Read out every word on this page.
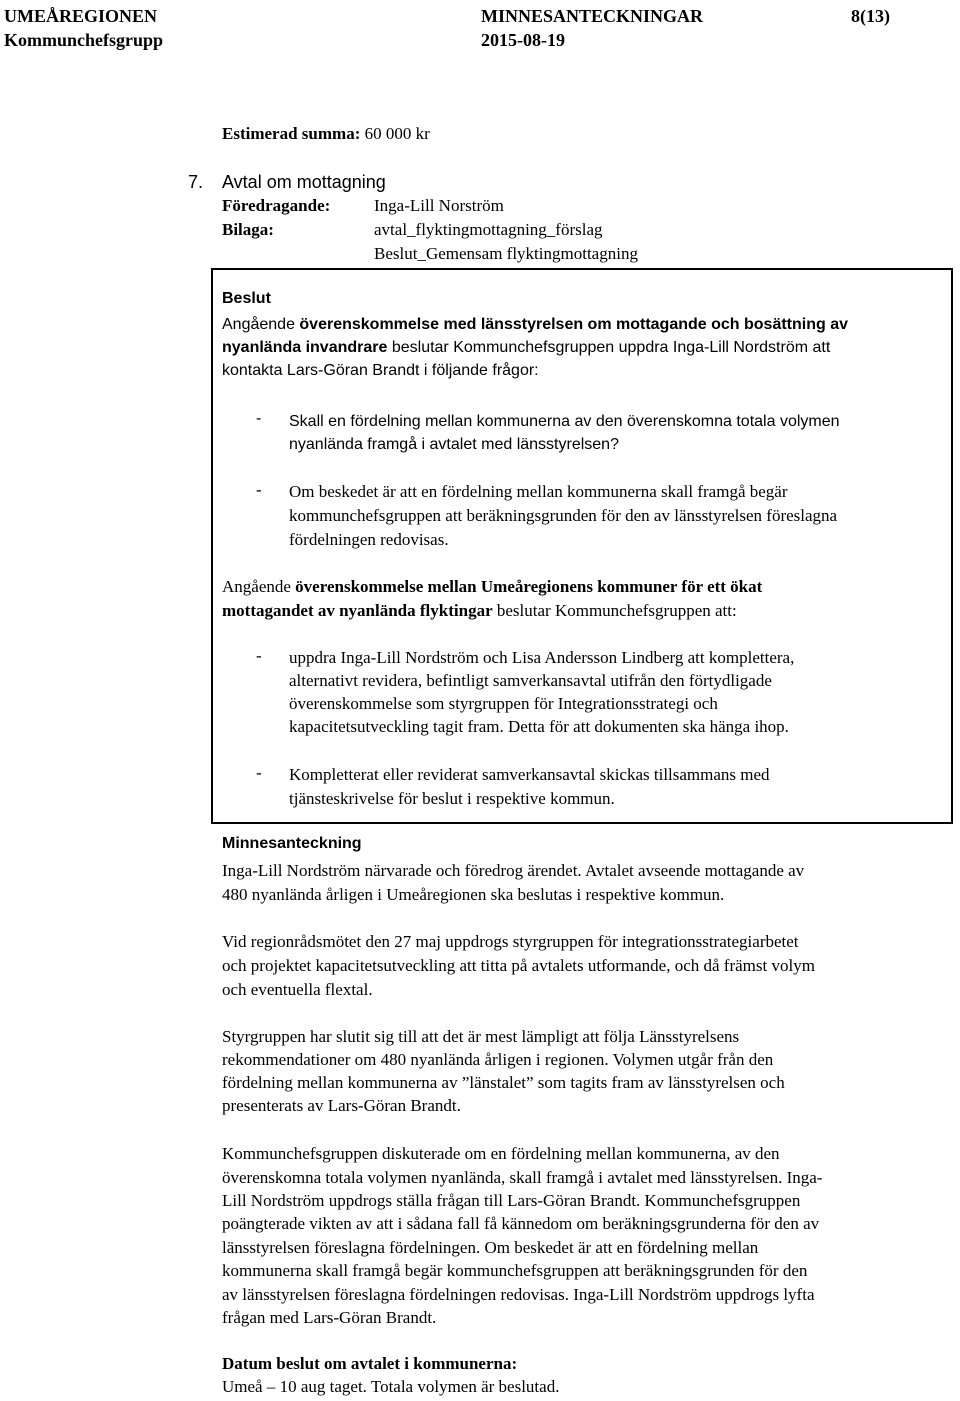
UMEÅREGIONEN	MINNESANTECKNINGAR	8(13)
Kommunchefsgrupp	2015-08-19
Estimerad summa: 60 000 kr
7. Avtal om mottagning
Föredragande:	Inga-Lill Norström
Bilaga:	avtal_flyktingmottagning_förslag
Beslut_Gemensam flyktingmottagning
Beslut
Angående överenskommelse med länsstyrelsen om mottagande och bosättning av
nyanlända invandrare beslutar Kommunchefsgruppen uppdra Inga-Lill Nordström att
kontakta Lars-Göran Brandt i följande frågor:
- Skall en fördelning mellan kommunerna av den överenskomna totala volymen
nyanlända framgå i avtalet med länsstyrelsen?
- Om beskedet är att en fördelning mellan kommunerna skall framgå begär
kommunchefsgruppen att beräkningsgrunden för den av länsstyrelsen föreslagna
fördelningen redovisas.
Angående överenskommelse mellan Umeåregionens kommuner för ett ökat
mottagandet av nyanlända flyktingar beslutar Kommunchefsgruppen att:
- uppdra Inga-Lill Nordström och Lisa Andersson Lindberg att komplettera,
alternativt revidera, befintligt samverkansavtal utifrån den förtydligade
överenskommelse som styrgruppen för Integrationsstrategi och
kapacitetsutveckling tagit fram. Detta för att dokumenten ska hänga ihop.
- Kompletterat eller reviderat samverkansavtal skickas tillsammans med
tjänsteskrivelse för beslut i respektive kommun.
Minnesanteckning
Inga-Lill Nordström närvarade och föredrog ärendet. Avtalet avseende mottagande av
480 nyanlända årligen i Umeåregionen ska beslutas i respektive kommun.
Vid regionrådsmötet den 27 maj uppdrogs styrgruppen för integrationsstrategiarbetet
och projektet kapacitetsutveckling att titta på avtalets utformande, och då främst volym
och eventuella flextal.
Styrgruppen har slutit sig till att det är mest lämpligt att följa Länsstyrelsens
rekommendationer om 480 nyanlända årligen i regionen. Volymen utgår från den
fördelning mellan kommunerna av ”länstalet” som tagits fram av länsstyrelsen och
presenterats av Lars-Göran Brandt.
Kommunchefsgruppen diskuterade om en fördelning mellan kommunerna, av den
överenskomna totala volymen nyanlända, skall framgå i avtalet med länsstyrelsen. Inga-
Lill Nordström uppdrogs ställa frågan till Lars-Göran Brandt. Kommunchefsgruppen
poängterade vikten av att i sådana fall få kännedom om beräkningsgrunderna för den av
länsstyrelsen föreslagna fördelningen. Om beskedet är att en fördelning mellan
kommunerna skall framgå begär kommunchefsgruppen att beräkningsgrunden för den
av länsstyrelsen föreslagna fördelningen redovisas. Inga-Lill Nordström uppdrogs lyfta
frågan med Lars-Göran Brandt.
Datum beslut om avtalet i kommunerna:
Umeå – 10 aug taget. Totala volymen är beslutad.
